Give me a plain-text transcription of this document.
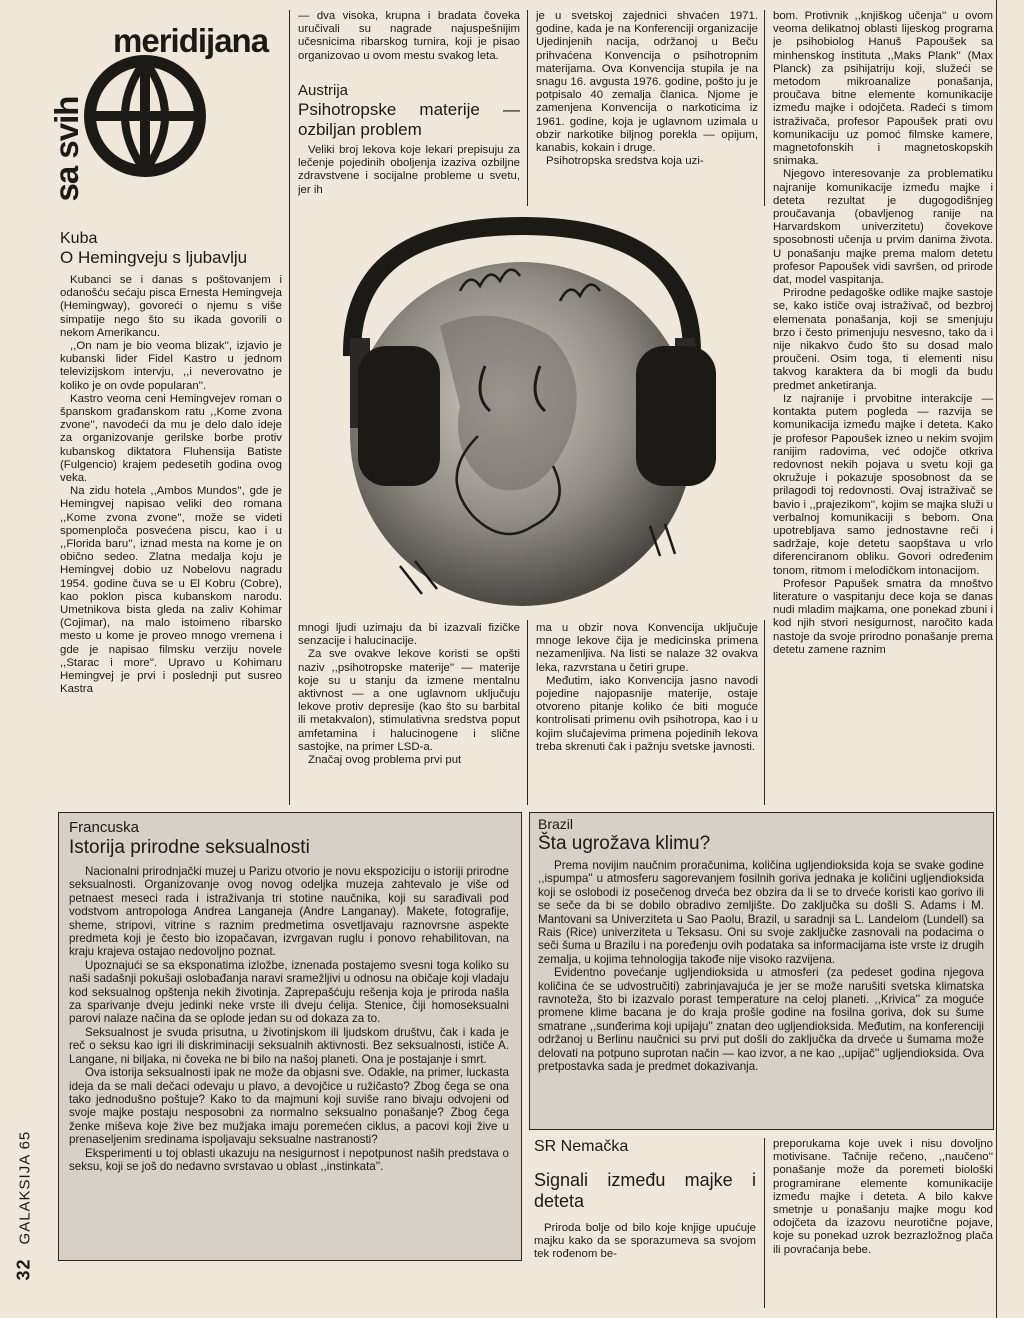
meridijana
sa svih
Kuba
O Hemingveju s ljubavlju

Kubanci se i danas s poštovanjem i odanošću sećaju pisca Ernesta Hemingveja (Hemingway), govoreći o njemu s više simpatije nego što su ikada govorili o nekom Amerikancu.

,,On nam je bio veoma blizak'', izjavio je kubanski lider Fidel Kastro u jednom televizijskom intervju, ,,i neverovatno je koliko je on ovde popularan''.

Kastro veoma ceni Hemingvejev roman o španskom građanskom ratu ,,Kome zvona zvone'', navodeći da mu je delo dalo ideje za organizovanje gerilske borbe protiv kubanskog diktatora Fluhensija Batiste (Fulgencio) krajem pedesetih godina ovog veka.

Na zidu hotela ,,Ambos Mundos'', gde je Hemingvej napisao veliki deo romana ,,Kome zvona zvone'', može se videti spomenploča posvećena piscu, kao i u ,,Florida baru'', iznad mesta na kome je on obično sedeo. Zlatna medalja koju je Hemingvej dobio uz Nobelovu nagradu 1954. godine čuva se u El Kobru (Cobre), kao poklon pisca kubanskom narodu. Umetnikova bista gleda na zaliv Kohimar (Cojimar), na malo istoimeno ribarsko mesto u kome je proveo mnogo vremena i gde je napisao filmsku verziju novele ,,Starac i more''. Upravo u Kohimaru Hemingvej je prvi i poslednji put susreo Kastra

— dva visoka, krupna i bradata čoveka uručivali su nagrade najuspešnijim učesnicima ribarskog turnira, koji je pisao organizovao u ovom mestu svakog leta.

Austrija
Psihotropske materije — ozbiljan problem

Veliki broj lekova koje lekari prepisuju za lečenje pojedinih oboljenja izaziva ozbiljne zdravstvene i socijalne probleme u svetu, jer ih

je u svetskoj zajednici shvaćen 1971. godine, kada je na Konferenciji organizacije Ujedinjenih nacija, održanoj u Beču prihvaćena Konvencija o psihotropnim materijama. Ova Konvencija stupila je na snagu 16. avgusta 1976. godine, pošto ju je potpisalo 40 zemalja članica. Njome je zamenjena Konvencija o narkoticima iz 1961. godine, koja je uglavnom uzimala u obzir narkotike biljnog porekla — opijum, kanabis, kokain i druge.

Psihotropska sredstva koja uzi-

mnogi ljudi uzimaju da bi izazvali fizičke senzacije i halucinacije.

Za sve ovakve lekove koristi se opšti naziv ,,psihotropske materije'' — materije koje su u stanju da izmene mentalnu aktivnost — a one uglavnom uključuju lekove protiv depresije (kao što su barbital ili metakvalon), stimulativna sredstva poput amfetamina i halucinogene i slične sastojke, na primer LSD-a.

Značaj ovog problema prvi put

ma u obzir nova Konvencija uključuje mnoge lekove čija je medicinska primena nezamenljiva. Na listi se nalaze 32 ovakva leka, razvrstana u četiri grupe.

Međutim, iako Konvencija jasno navodi pojedine najopasnije materije, ostaje otvoreno pitanje koliko će biti moguće kontrolisati primenu ovih psihotropa, kao i u kojim slučajevima primena pojedinih lekova treba skrenuti čak i pažnju svetske javnosti.

bom. Protivnik ,,knjiškog učenja'' u ovom veoma delikatnoj oblasti lijeskog programa je psihobiolog Hanuš Papoušek sa minhenskog instituta ,,Maks Plank'' (Max Planck) za psihijatriju koji, služeći se metodom mikroanalize ponašanja, proučava bitne elemente komunikacije između majke i odojčeta. Radeći s timom istraživača, profesor Papoušek prati ovu komunikaciju uz pomoć filmske kamere, magnetofonskih i magnetoskopskih snimaka.

Njegovo interesovanje za problematiku najranije komunikacije između majke i deteta rezultat je dugogodišnjeg proučavanja (obavljenog ranije na Harvardskom univerzitetu) čovekove sposobnosti učenja u prvim danima života. U ponašanju majke prema malom detetu profesor Papoušek vidi savršen, od prirode dat, model vaspitanja.

Prirodne pedagoške odlike majke sastoje se, kako ističe ovaj istraživač, od bezbroj elemenata ponašanja, koji se smenjuju brzo i često primenjuju nesvesno, tako da i nije nikakvo čudo što su dosad malo proučeni. Osim toga, ti elementi nisu takvog karaktera da bi mogli da budu predmet anketiranja.

Iz najranije i prvobitne interakcije — kontakta putem pogleda — razvija se komunikacija između majke i deteta. Kako je profesor Papoušek izneo u nekim svojim ranijim radovima, već odojče otkriva redovnost nekih pojava u svetu koji ga okružuje i pokazuje sposobnost da se prilagodi toj redovnosti. Ovaj istraživač se bavio i ,,prajezikom'', kojim se majka služi u verbalnoj komunikaciji s bebom. Ona upotrebljava samo jednostavne reči i sadržaje, koje detetu saopštava u vrlo diferenciranom obliku. Govori određenim tonom, ritmom i melodičkom intonacijom.

Profesor Papušek smatra da mnoštvo literature o vaspitanju dece koja se danas nudi mladim majkama, one ponekad zbuni i kod njih stvori nesigurnost, naročito kada nastoje da svoje prirodno ponašanje prema detetu zamene raznim

Francuska
Istorija prirodne seksualnosti

Nacionalni prirodnjački muzej u Parizu otvorio je novu ekspoziciju o istoriji prirodne seksualnosti. Organizovanje ovog novog odeljka muzeja zahtevalo je više od petnaest meseci rada i istraživanja tri stotine naučnika, koji su sarađivali pod vodstvom antropologa Andrea Langaneja (Andre Langanay). Makete, fotografije, sheme, stripovi, vitrine s raznim predmetima osvetljavaju raznovrsne aspekte predmeta koji je često bio izopačavan, izvrgavan ruglu i ponovo rehabilitovan, na kraju krajeva ostajao nedovoljno poznat.

Upoznajući se sa eksponatima izložbe, iznenada postajemo svesni toga koliko su naši sadašnji pokušaji oslobađanja naravi sramežljivi u odnosu na običaje koji vladaju kod seksualnog opštenja nekih životinja. Zaprepašćuju rešenja koja je priroda našla za sparivanje dveju jedinki neke vrste ili dveju ćelija. Stenice, čiji homoseksualni parovi nalaze načina da se oplode jedan su od dokaza za to.

Seksualnost je svuda prisutna, u životinjskom ili ljudskom društvu, čak i kada je reč o seksu kao igri ili diskriminaciji seksualnih aktivnosti. Bez seksualnosti, ističe A. Langane, ni biljaka, ni čoveka ne bi bilo na našoj planeti. Ona je postajanje i smrt.

Ova istorija seksualnosti ipak ne može da objasni sve. Odakle, na primer, luckasta ideja da se mali dečaci odevaju u plavo, a devojčice u ružičasto? Zbog čega se ona tako jednodušno poštuje? Kako to da majmuni koji suviše rano bivaju odvojeni od svoje majke postaju nesposobni za normalno seksualno ponašanje? Zbog čega ženke miševa koje žive bez mužjaka imaju poremećen ciklus, a pacovi koji žive u prenaseljenim sredinama ispoljavaju seksualne nastranosti?

Eksperimenti u toj oblasti ukazuju na nesigurnost i nepotpunost naših predstava o seksu, koji se još do nedavno svrstavao u oblast ,,instinkata''.

Brazil
Šta ugrožava klimu?

Prema novijim naučnim proračunima, količina ugljendioksida koja se svake godine ,,ispumpa'' u atmosferu sagorevanjem fosilnih goriva jednaka je količini ugljendioksida koji se oslobodi iz posečenog drveća bez obzira da li se to drveće koristi kao gorivo ili se seče da bi se dobilo obradivo zemljište. Do zaključka su došli S. Adams i M. Mantovani sa Univerziteta u Sao Paolu, Brazil, u saradnji sa L. Landelom (Lundell) sa Rais (Rice) univerziteta u Teksasu. Oni su svoje zaključke zasnovali na podacima o seči šuma u Brazilu i na poređenju ovih podataka sa informacijama iste vrste iz drugih zemalja, u kojima tehnologija takođe nije visoko razvijena.

Evidentno povećanje ugljendioksida u atmosferi (za pedeset godina njegova količina će se udvostručiti) zabrinjavajuća je jer se može narušiti svetska klimatska ravnoteža, što bi izazvalo porast temperature na celoj planeti. ,,Krivica'' za moguće promene klime bacana je do kraja prošle godine na fosilna goriva, dok su šume smatrane ,,sunđerima koji upijaju'' znatan deo ugljendioksida. Međutim, na konferenciji održanoj u Berlinu naučnici su prvi put došli do zaključka da drveće u šumama može delovati na potpuno suprotan način — kao izvor, a ne kao ,,upijač'' ugljendioksida. Ova pretpostavka sada je predmet dokazivanja.

SR Nemačka
Signali između majke i deteta

Priroda bolje od bilo koje knjige upućuje majku kako da se sporazumeva sa svojom tek rođenom be-

preporukama koje uvek i nisu dovoljno motivisane. Tačnije rečeno, ,,naučeno'' ponašanje može da poremeti biološki programirane elemente komunikacije između majke i deteta. A bilo kakve smetnje u ponašanju majke mogu kod odojčeta da izazovu neurotične pojave, koje su ponekad uzrok bezrazložnog plača ili povraćanja bebe.

32GALAKSIJA 65
